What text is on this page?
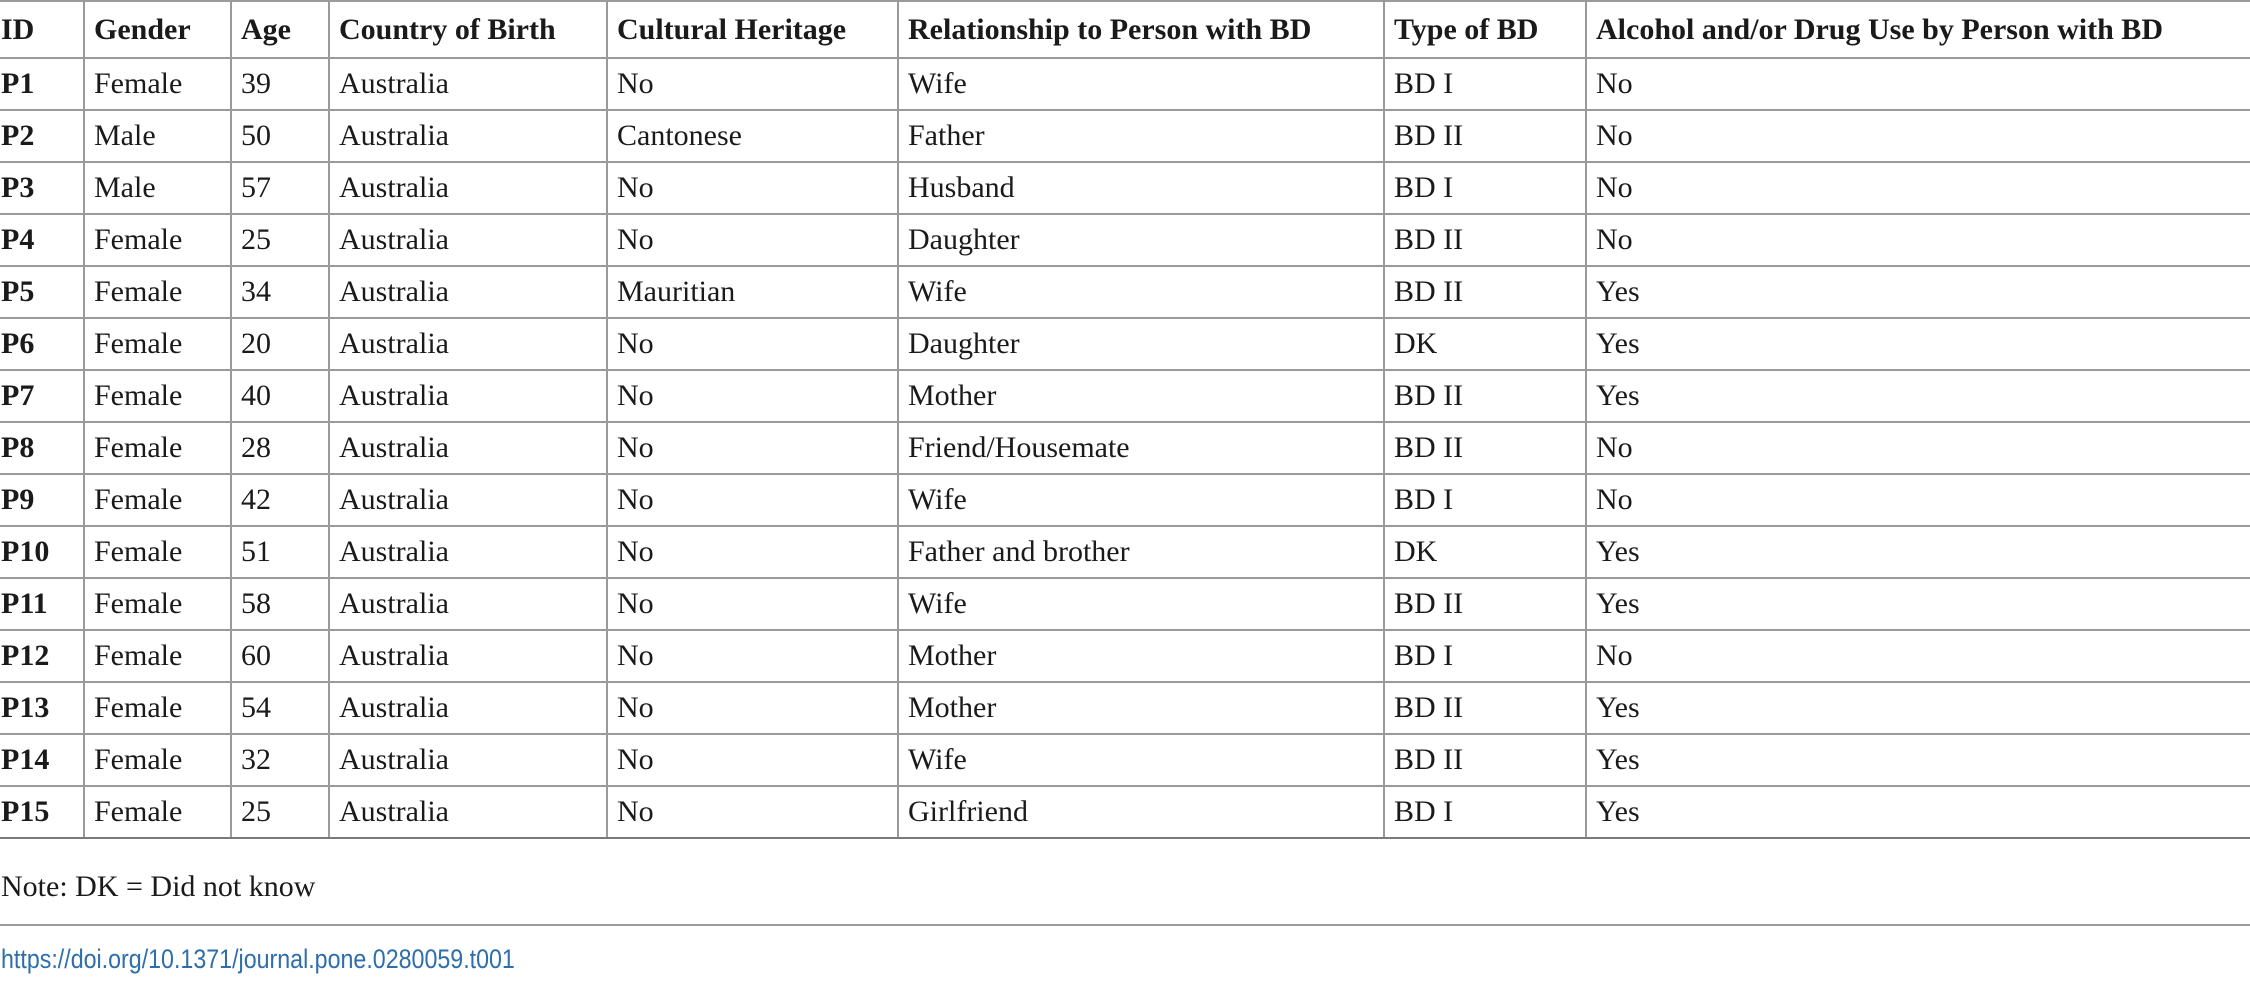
ID	Gender	Age	Country of Birth	Cultural Heritage	Relationship to Person with BD	Type of BD	Alcohol and/or Drug Use by Person with BD
P1	Female	39	Australia	No	Wife	BD I	No
P2	Male	50	Australia	Cantonese	Father	BD II	No
P3	Male	57	Australia	No	Husband	BD I	No
P4	Female	25	Australia	No	Daughter	BD II	No
P5	Female	34	Australia	Mauritian	Wife	BD II	Yes
P6	Female	20	Australia	No	Daughter	DK	Yes
P7	Female	40	Australia	No	Mother	BD II	Yes
P8	Female	28	Australia	No	Friend/Housemate	BD II	No
P9	Female	42	Australia	No	Wife	BD I	No
P10	Female	51	Australia	No	Father and brother	DK	Yes
P11	Female	58	Australia	No	Wife	BD II	Yes
P12	Female	60	Australia	No	Mother	BD I	No
P13	Female	54	Australia	No	Mother	BD II	Yes
P14	Female	32	Australia	No	Wife	BD II	Yes
P15	Female	25	Australia	No	Girlfriend	BD I	Yes
Note: DK = Did not know
https://doi.org/10.1371/journal.pone.0280059.t001
